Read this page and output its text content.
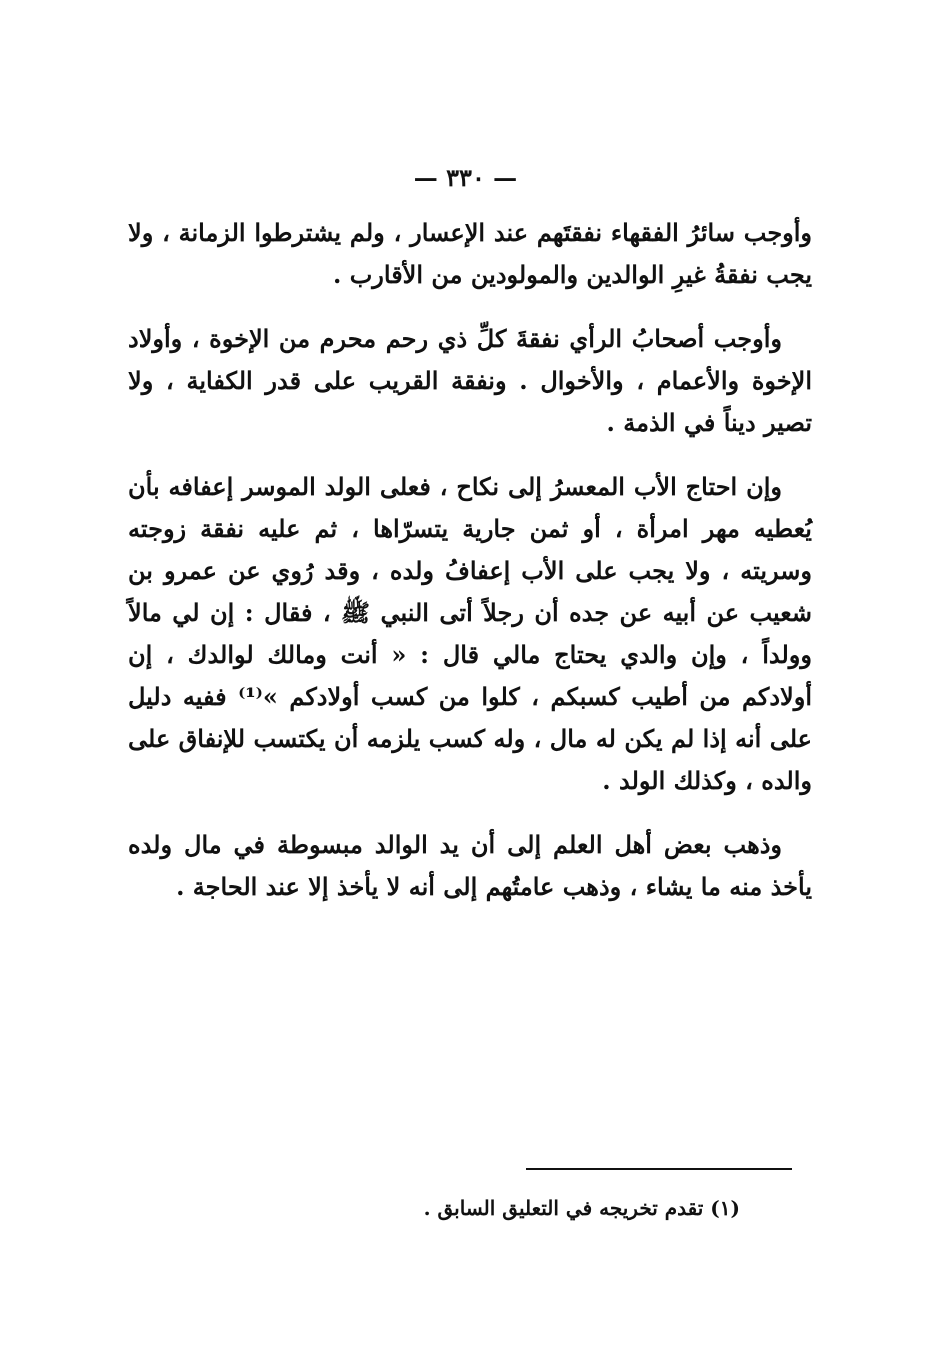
— ٣٣٠ —

وأوجب سائرُ الفقهاء نفقتَهم عند الإعسار ، ولم يشترطوا الزمانة ، ولا يجب نفقةُ غيرِ الوالدين والمولودين من الأقارب .

وأوجب أصحابُ الرأي نفقةَ كلِّ ذي رحم محرم من الإخوة ، وأولاد الإخوة والأعمام ، والأخوال . ونفقة القريب على قدر الكفاية ، ولا تصير ديناً في الذمة .

وإن احتاج الأب المعسرُ إلى نكاح ، فعلى الولد الموسر إعفافه بأن يُعطيه مهر امرأة ، أو ثمن جارية يتسرّاها ، ثم عليه نفقة زوجته وسريته ، ولا يجب على الأب إعفافُ ولده ، وقد رُوي عن عمرو بن شعيب عن أبيه عن جده أن رجلاً أتى النبي ﷺ ، فقال : إن لي مالاً وولداً ، وإن والدي يحتاج مالي قال : « أنت ومالك لوالدك ، إن أولادكم من أطيب كسبكم ، كلوا من كسب أولادكم »⁽¹⁾ ففيه دليل على أنه إذا لم يكن له مال ، وله كسب يلزمه أن يكتسب للإنفاق على والده ، وكذلك الولد .

وذهب بعض أهل العلم إلى أن يد الوالد مبسوطة في مال ولده يأخذ منه ما يشاء ، وذهب عامتُهم إلى أنه لا يأخذ إلا عند الحاجة .

(١) تقدم تخريجه في التعليق السابق .
